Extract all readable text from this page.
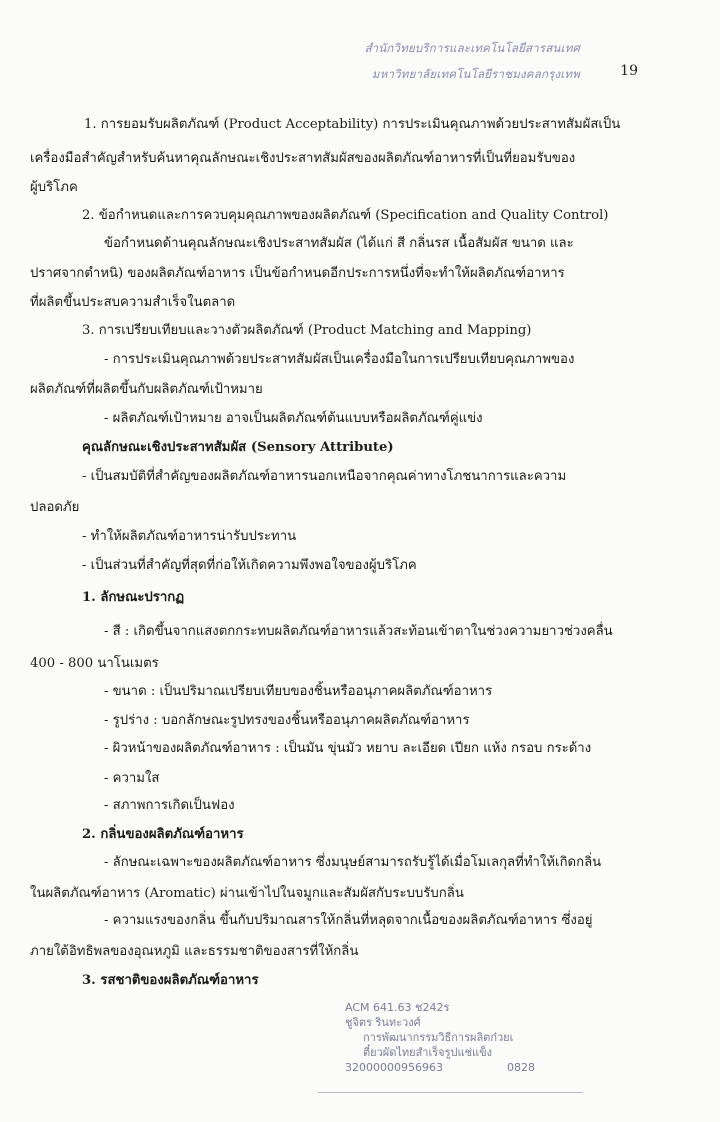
สำนักวิทยบริการและเทคโนโลยีสารสนเทศ
มหาวิทยาลัยเทคโนโลยีราชมงคลกรุงเทพ	19
1. การยอมรับผลิตภัณฑ์ (Product Acceptability) การประเมินคุณภาพด้วยประสาทสัมผัสเป็น
เครื่องมือสำคัญสำหรับค้นหาคุณลักษณะเชิงประสาทสัมผัสของผลิตภัณฑ์อาหารที่เป็นที่ยอมรับของ
ผู้บริโภค
2. ข้อกำหนดและการควบคุมคุณภาพของผลิตภัณฑ์ (Specification and Quality Control)
ข้อกำหนดด้านคุณลักษณะเชิงประสาทสัมผัส (ได้แก่ สี กลิ่นรส เนื้อสัมผัส ขนาด และ
ปราศจากตำหนิ) ของผลิตภัณฑ์อาหาร เป็นข้อกำหนดอีกประการหนึ่งที่จะทำให้ผลิตภัณฑ์อาหาร
ที่ผลิตขึ้นประสบความสำเร็จในตลาด
3. การเปรียบเทียบและวางตัวผลิตภัณฑ์ (Product Matching and Mapping)
- การประเมินคุณภาพด้วยประสาทสัมผัสเป็นเครื่องมือในการเปรียบเทียบคุณภาพของ
ผลิตภัณฑ์ที่ผลิตขึ้นกับผลิตภัณฑ์เป้าหมาย
- ผลิตภัณฑ์เป้าหมาย อาจเป็นผลิตภัณฑ์ต้นแบบหรือผลิตภัณฑ์คู่แข่ง
คุณลักษณะเชิงประสาทสัมผัส (Sensory Attribute)
- เป็นสมบัติที่สำคัญของผลิตภัณฑ์อาหารนอกเหนือจากคุณค่าทางโภชนาการและความ
ปลอดภัย
- ทำให้ผลิตภัณฑ์อาหารน่ารับประทาน
- เป็นส่วนที่สำคัญที่สุดที่ก่อให้เกิดความพึงพอใจของผู้บริโภค
1. ลักษณะปรากฏ
- สี : เกิดขึ้นจากแสงตกกระทบผลิตภัณฑ์อาหารแล้วสะท้อนเข้าตาในช่วงความยาวช่วงคลื่น
400 - 800 นาโนเมตร
- ขนาด : เป็นปริมาณเปรียบเทียบของชิ้นหรืออนุภาคผลิตภัณฑ์อาหาร
- รูปร่าง : บอกลักษณะรูปทรงของชิ้นหรืออนุภาคผลิตภัณฑ์อาหาร
- ผิวหน้าของผลิตภัณฑ์อาหาร : เป็นมัน ขุ่นมัว หยาบ ละเอียด เปียก แห้ง กรอบ กระด้าง
- ความใส
- สภาพการเกิดเป็นฟอง
2. กลิ่นของผลิตภัณฑ์อาหาร
- ลักษณะเฉพาะของผลิตภัณฑ์อาหาร ซึ่งมนุษย์สามารถรับรู้ได้เมื่อโมเลกุลที่ทำให้เกิดกลิ่น
ในผลิตภัณฑ์อาหาร (Aromatic) ผ่านเข้าไปในจมูกและสัมผัสกับระบบรับกลิ่น
- ความแรงของกลิ่น ขึ้นกับปริมาณสารให้กลิ่นที่หลุดจากเนื้อของผลิตภัณฑ์อาหาร ซึ่งอยู่
ภายใต้อิทธิพลของอุณหภูมิ และธรรมชาติของสารที่ให้กลิ่น
3. รสชาติของผลิตภัณฑ์อาหาร
ACM 641.63 ช242ร
ชูจิตร รินทะวงศ์
การพัฒนากรรมวิธีการผลิตก๋วยเ
ตี๋ยวผัดไทยสำเร็จรูปแช่แข็ง
32000000956963	0828
